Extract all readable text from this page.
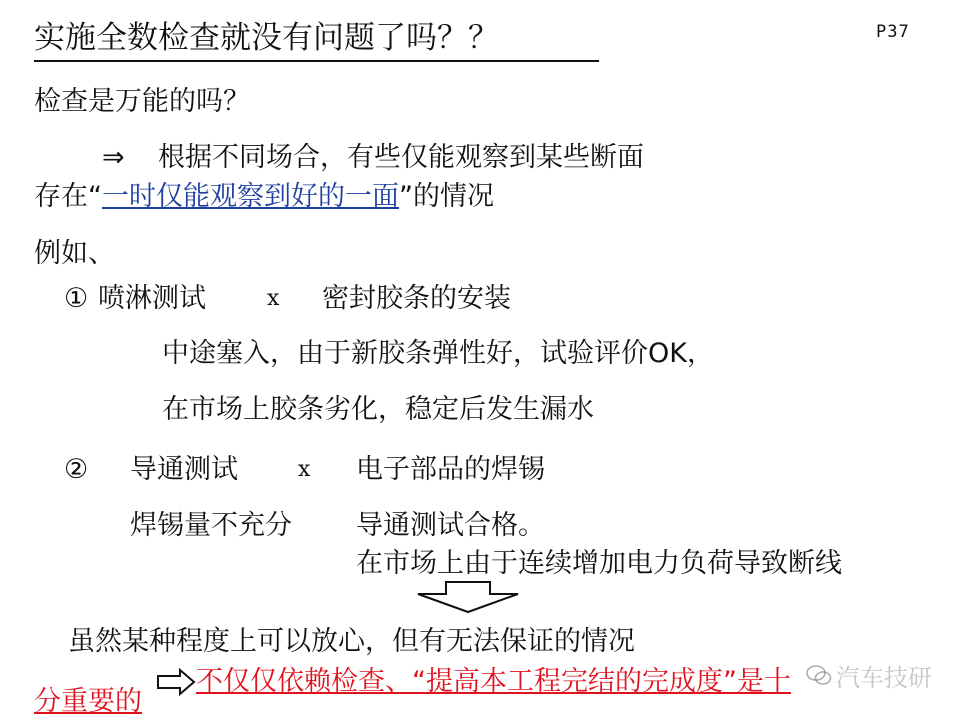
实施全数检查就没有问题了吗？？	P37
检查是万能的吗？
⇒ 根据不同场合，有些仅能观察到某些断面
存在“一时仅能观察到好的一面”的情况
例如、
① 喷淋测试	x 密封胶条的安装
中途塞入，由于新胶条弹性好，试验评价OK，
在市场上胶条劣化，稳定后发生漏水
② 导通测试	x 电子部品的焊锡
焊锡量不充分 导通测试合格。
在市场上由于连续增加电力负荷导致断线
虽然某种程度上可以放心，但有无法保证的情况
不仅仅依赖检查、“提高本工程完结的完成度”是十
分重要的
汽车技研
